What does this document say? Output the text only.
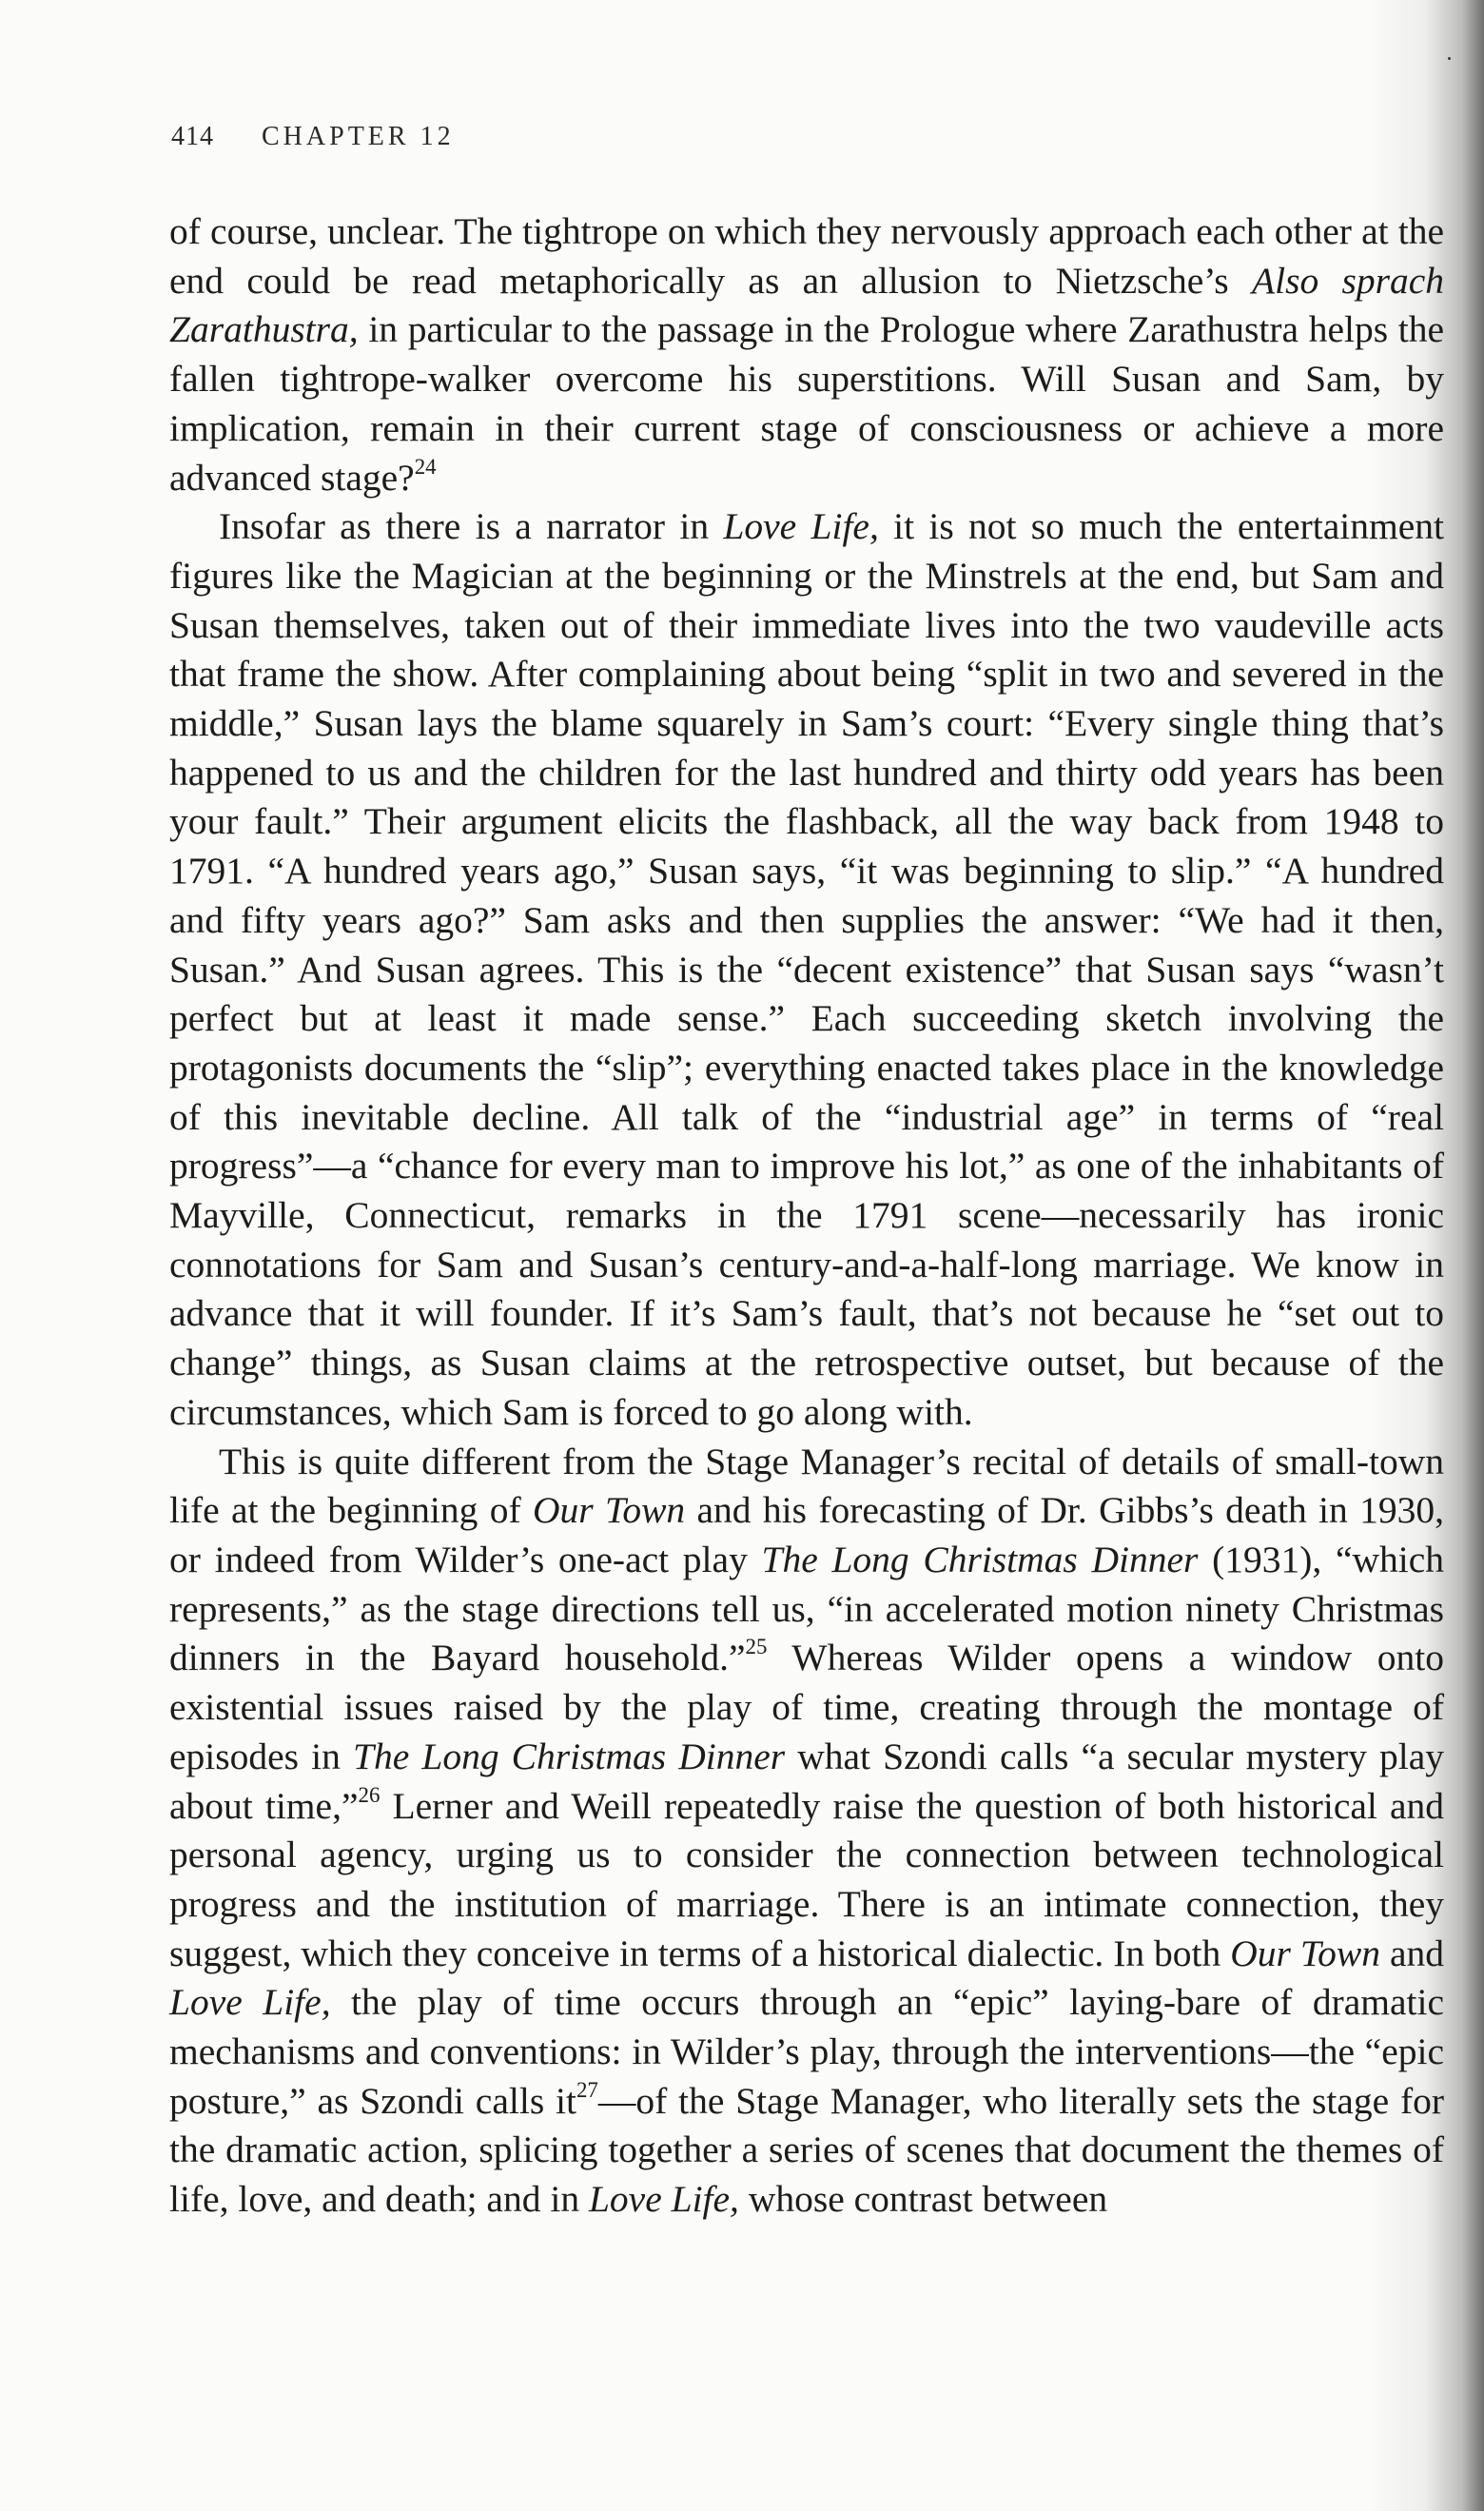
414 CHAPTER 12

of course, unclear. The tightrope on which they nervously approach each other at the end could be read metaphorically as an allusion to Nietzsche’s Also sprach Zarathustra, in particular to the passage in the Prologue where Zarathustra helps the fallen tightrope-walker overcome his superstitions. Will Susan and Sam, by implication, remain in their current stage of consciousness or achieve a more advanced stage?$^{24}$

Insofar as there is a narrator in Love Life, it is not so much the entertainment figures like the Magician at the beginning or the Minstrels at the end, but Sam and Susan themselves, taken out of their immediate lives into the two vaudeville acts that frame the show. After complaining about being “split in two and severed in the middle,” Susan lays the blame squarely in Sam’s court: “Every single thing that’s happened to us and the children for the last hundred and thirty odd years has been your fault.” Their argument elicits the flashback, all the way back from 1948 to 1791. “A hundred years ago,” Susan says, “it was beginning to slip.” “A hundred and fifty years ago?” Sam asks and then supplies the answer: “We had it then, Susan.” And Susan agrees. This is the “decent existence” that Susan says “wasn’t perfect but at least it made sense.” Each succeeding sketch involving the protagonists documents the “slip”; everything enacted takes place in the knowledge of this inevitable decline. All talk of the “industrial age” in terms of “real progress”—a “chance for every man to improve his lot,” as one of the inhabitants of Mayville, Connecticut, remarks in the 1791 scene—necessarily has ironic connotations for Sam and Susan’s century-and-a-half-long marriage. We know in advance that it will founder. If it’s Sam’s fault, that’s not because he “set out to change” things, as Susan claims at the retrospective outset, but because of the circumstances, which Sam is forced to go along with.

This is quite different from the Stage Manager’s recital of details of small-town life at the beginning of Our Town and his forecasting of Dr. Gibbs’s death in 1930, or indeed from Wilder’s one-act play The Long Christmas Dinner (1931), “which represents,” as the stage directions tell us, “in accelerated motion ninety Christmas dinners in the Bayard household.”$^{25}$ Whereas Wilder opens a window onto existential issues raised by the play of time, creating through the montage of episodes in The Long Christmas Dinner what Szondi calls “a secular mystery play about time,”$^{26}$ Lerner and Weill repeatedly raise the question of both historical and personal agency, urging us to consider the connection between technological progress and the institution of marriage. There is an intimate connection, they suggest, which they conceive in terms of a historical dialectic. In both Our Town and Love Life, the play of time occurs through an “epic” laying-bare of dramatic mechanisms and conventions: in Wilder’s play, through the interventions—the “epic posture,” as Szondi calls $it^{27}—of$ the Stage Manager, who literally sets the stage for the dramatic action, splicing together a series of scenes that document the themes of life, love, and death; and in Love Life, whose contrast between
